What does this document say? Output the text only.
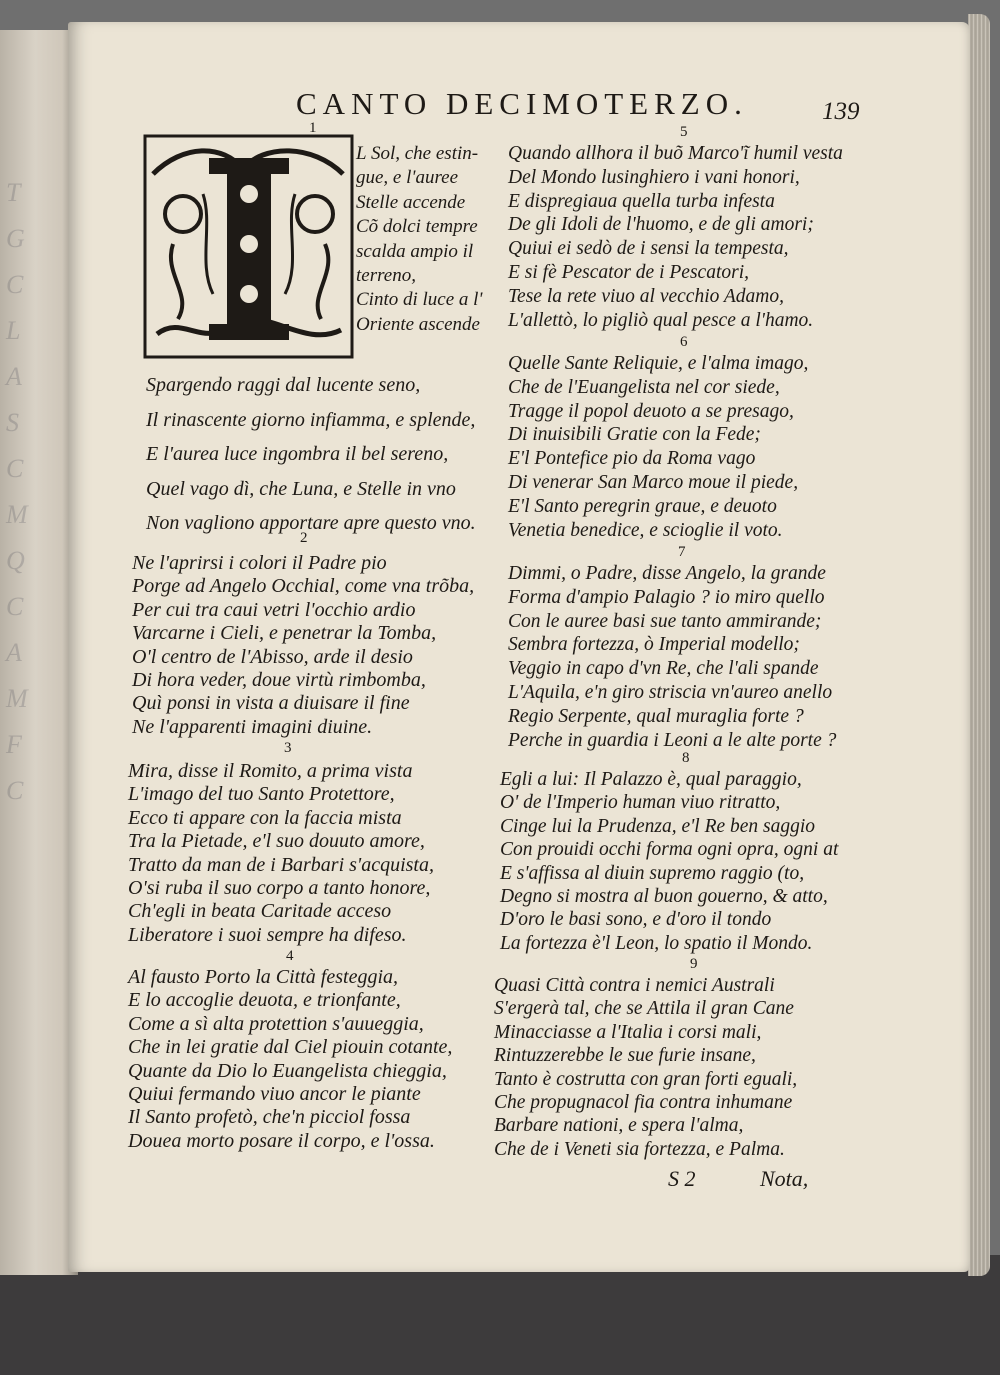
T
G
C
L
A
S
C
M
Q
C
A
M
F
C
CANTO DECIMOTERZO.	139
1
L Sol, che estin-
gue, e l'auree
Stelle accende
Cõ dolci tempre
scalda ampio il
terreno,
Cinto di luce a l'
Oriente ascende
Spargendo raggi dal lucente seno,
Il rinascente giorno infiamma, e splende,
E l'aurea luce ingombra il bel sereno,
Quel vago dì, che Luna, e Stelle in vno
Non vagliono apportare apre questo vno.
2
Ne l'aprirsi i colori il Padre pio
Porge ad Angelo Occhial, come vna trõba,
Per cui tra caui vetri l'occhio ardio
Varcarne i Cieli, e penetrar la Tomba,
O'l centro de l'Abisso, arde il desio
Di hora veder, doue virtù rimbomba,
Quì ponsi in vista a diuisare il fine
Ne l'apparenti imagini diuine.
3
Mira, disse il Romito, a prima vista
L'imago del tuo Santo Protettore,
Ecco ti appare con la faccia mista
Tra la Pietade, e'l suo douuto amore,
Tratto da man de i Barbari s'acquista,
O'si ruba il suo corpo a tanto honore,
Ch'egli in beata Caritade acceso
Liberatore i suoi sempre ha difeso.
4
Al fausto Porto la Città festeggia,
E lo accoglie deuota, e trionfante,
Come a sì alta protettion s'auueggia,
Che in lei gratie dal Ciel piouin cotante,
Quante da Dio lo Euangelista chieggia,
Quiui fermando viuo ancor le piante
Il Santo profetò, che'n picciol fossa
Doueа morto posare il corpo, e l'ossa.
5
Quando allhora il buõ Marco'ĩ humil vesta
Del Mondo lusinghiero i vani honori,
E dispregiaua quella turba infesta
De gli Idoli de l'huomo, e de gli amori;
Quiui ei sedò de i sensi la tempesta,
E si fè Pescator de i Pescatori,
Tese la rete viuo al vecchio Adamo,
L'allettò, lo pigliò qual pesce a l'hamo.
6
Quelle Sante Reliquie, e l'alma imago,
Che de l'Euangelista nel cor siede,
Tragge il popol deuoto a se presago,
Di inuisibili Gratie con la Fede;
E'l Pontefice pio da Roma vago
Di venerar San Marco moue il piede,
E'l Santo peregrin graue, e deuoto
Venetia benedice, e scioglie il voto.
7
Dimmi, o Padre, disse Angelo, la grande
Forma d'ampio Palagio ? io miro quello
Con le auree basi sue tanto ammirande;
Sembra fortezza, ò Imperial modello;
Veggio in capo d'vn Re, che l'ali spande
L'Aquila, e'n giro striscia vn'aureo anello
Regio Serpente, qual muraglia forte ?
Perche in guardia i Leoni a le alte porte ?
8
Egli a lui: Il Palazzo è, qual paraggio,
O' de l'Imperio human viuo ritratto,
Cinge lui la Prudenza, e'l Re ben saggio
Con prouidi occhi forma ogni opra, ogni at
E s'affissa al diuin supremo raggio (to,
Degno si mostra al buon gouerno, & atto,
D'oro le basi sono, e d'oro il tondo
La fortezza è'l Leon, lo spatio il Mondo.
9
Quasi Città contra i nemici Australi
S'ergerà tal, che se Attila il gran Cane
Minacciasse a l'Italia i corsi mali,
Rintuzzerebbe le sue furie insane,
Tanto è costrutta con gran forti eguali,
Che propugnacol fia contra inhumane
Barbare nationi, e spera l'alma,
Che de i Veneti sia fortezza, e Palma.
S 2	Nota,
